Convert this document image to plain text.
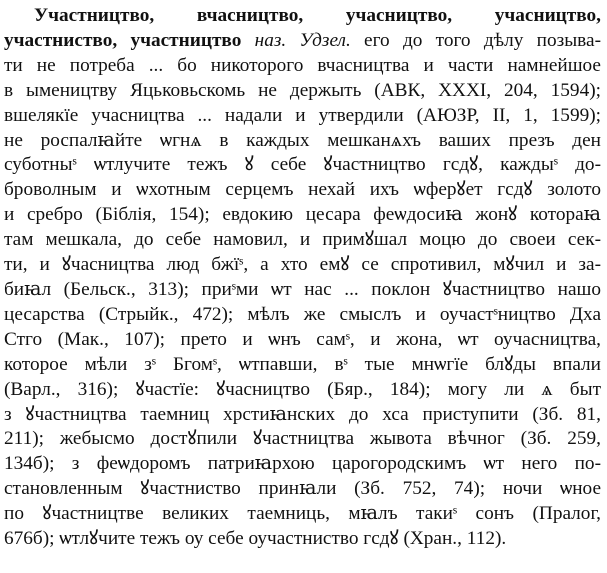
Участництво, вчасництво, учасництво, учасництво,
участниство, участництво наз. Удзел. его до того дѣлу позыва-
ти не потреба ... бо никоторого вчасництва и части намнейшое
в ымеництву Яцьковьскомь не держыть (АВК, XXXI, 204, 1594);
вшелякїе учасництва ... надали и утвердили (АЮЗР, II, 1, 1599);
не роспалꙗйте ѡгнѧ в каждых мешканѧхъ ваших презъ ден
суботныˢ ѡтлучите тежъ ꙋ себе ꙋчастництво гсдꙋ, каждыˢ до-
броволным и ѡхотным серцемъ нехай ихъ ѡферꙋет гсдꙋ золото
и сребро (Біблія, 154); евдокию цесара феѡдосиꙗ жонꙋ котораꙗ
там мешкала, до себе намовил, и примꙋшал моцю до своеи сек-
ти, и ꙋчасництва люд бжїˢ, а хто емꙋ се спротивил, мꙋчил и за-
биꙗл (Бельск., 313); приˢми ѡт нас ... поклон ꙋчастництво нашо
цесарства (Стрыйк., 472); мѣлъ же смыслъ и оучастˢництво Дха
Стго (Мак., 107); прето и ѡнъ самˢ, и жона, ѡт оучасництва,
которое мѣли зˢ Бгомˢ, ѡтпавши, вˢ тые мнѡгїе блꙋды впали
(Варл., 316); ꙋчастїе: ꙋчасництво (Бяр., 184); могу ли ѧ быт
з ꙋчастництва таемниц хрстиꙗнских до хса приступити (Зб. 81,
211); жебысмо достꙋпили ꙋчастництва жывота вѣчног (Зб. 259,
134б); з феѡдоромъ патриꙗрхою царогородскимъ ѡт него по-
становленным ꙋчастниство принꙗли (Зб. 752, 74); ночи ѡное
по ꙋчастництве великих таемниць, мꙗлъ такиˢ сонъ (Пралог,
676б); ѡтлꙋчите тежъ оу себе оучастниство гсдꙋ (Хран., 112).
